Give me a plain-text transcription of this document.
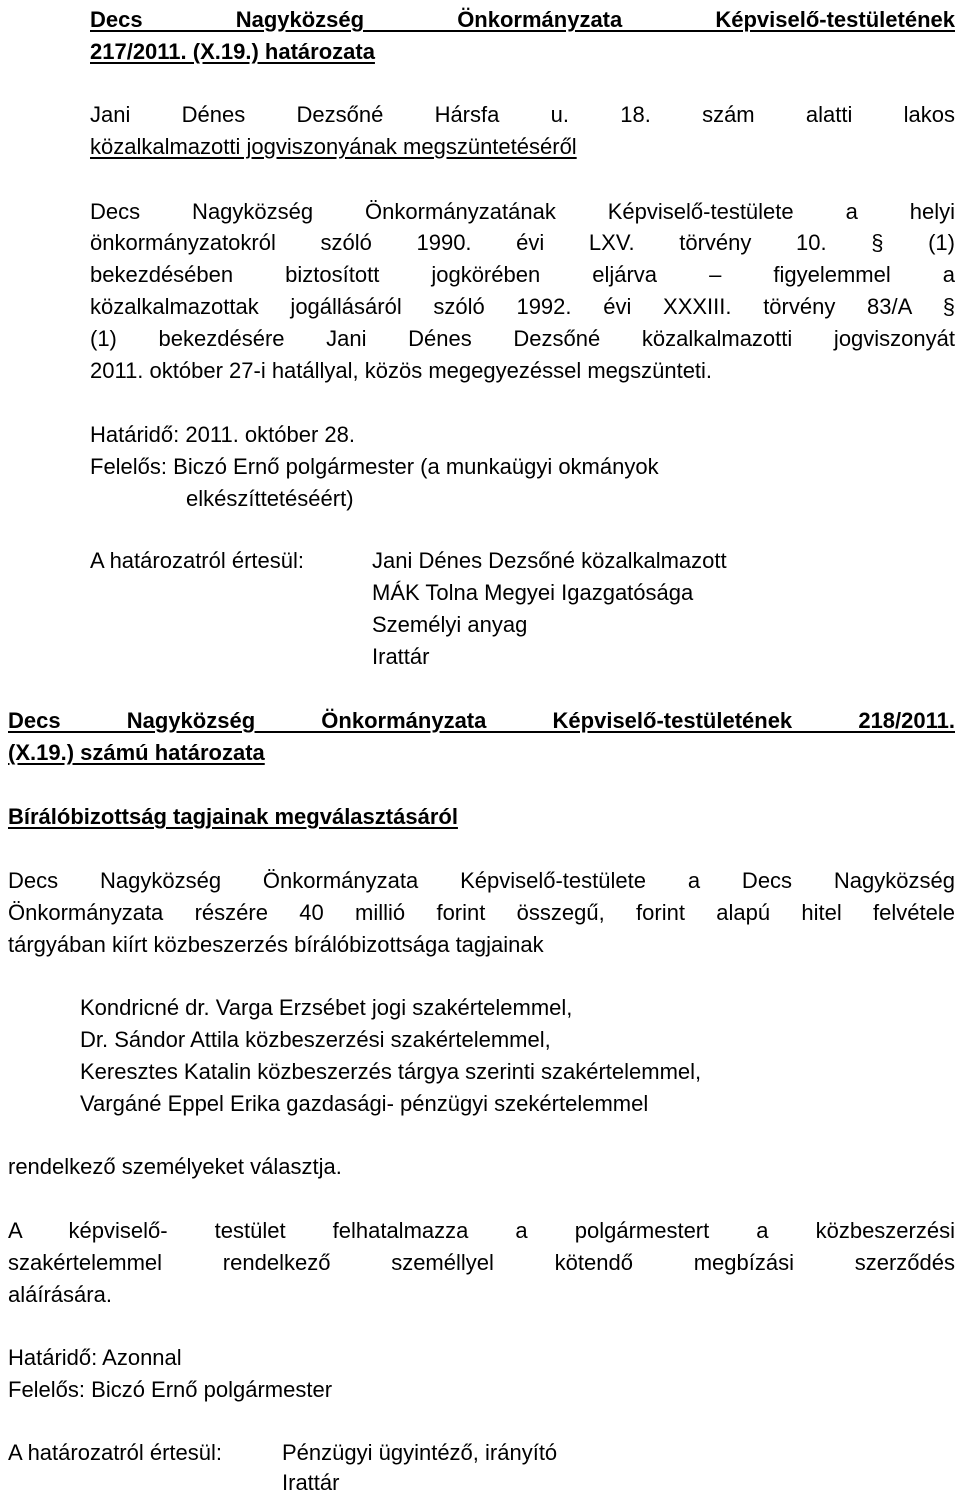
Decs Nagyközség Önkormányzata Képviselő-testületének
217/2011. (X.19.) határozata
Jani Dénes Dezsőné Hársfa u. 18. szám alatti lakos
közalkalmazotti jogviszonyának megszüntetéséről
Decs Nagyközség Önkormányzatának Képviselő-testülete a helyi
önkormányzatokról szóló 1990. évi LXV. törvény 10. § (1)
bekezdésében biztosított jogkörében eljárva – figyelemmel a
közalkalmazottak jogállásáról szóló 1992. évi XXXIII. törvény 83/A §
(1) bekezdésére Jani Dénes Dezsőné közalkalmazotti jogviszonyát
2011. október 27-i hatállyal, közös megegyezéssel megszünteti.
Határidő: 2011. október 28.
Felelős: Biczó Ernő polgármester (a munkaügyi okmányok
elkészíttetéséért)
A határozatról értesül:	Jani Dénes Dezsőné közalkalmazott
MÁK Tolna Megyei Igazgatósága
Személyi anyag
Irattár
Decs Nagyközség Önkormányzata Képviselő-testületének 218/2011.
(X.19.) számú határozata
Bírálóbizottság tagjainak megválasztásáról
Decs Nagyközség Önkormányzata Képviselő-testülete a Decs Nagyközség
Önkormányzata részére 40 millió forint összegű, forint alapú hitel felvétele
tárgyában kiírt közbeszerzés bírálóbizottsága tagjainak
Kondricné dr. Varga Erzsébet jogi szakértelemmel,
Dr. Sándor Attila közbeszerzési szakértelemmel,
Keresztes Katalin közbeszerzés tárgya szerinti szakértelemmel,
Vargáné Eppel Erika gazdasági- pénzügyi szekértelemmel
rendelkező személyeket választja.
A képviselő- testület felhatalmazza a polgármestert a közbeszerzési
szakértelemmel rendelkező személlyel kötendő megbízási szerződés
aláírására.
Határidő: Azonnal
Felelős: Biczó Ernő polgármester
A határozatról értesül:	Pénzügyi ügyintéző, irányító
Irattár
